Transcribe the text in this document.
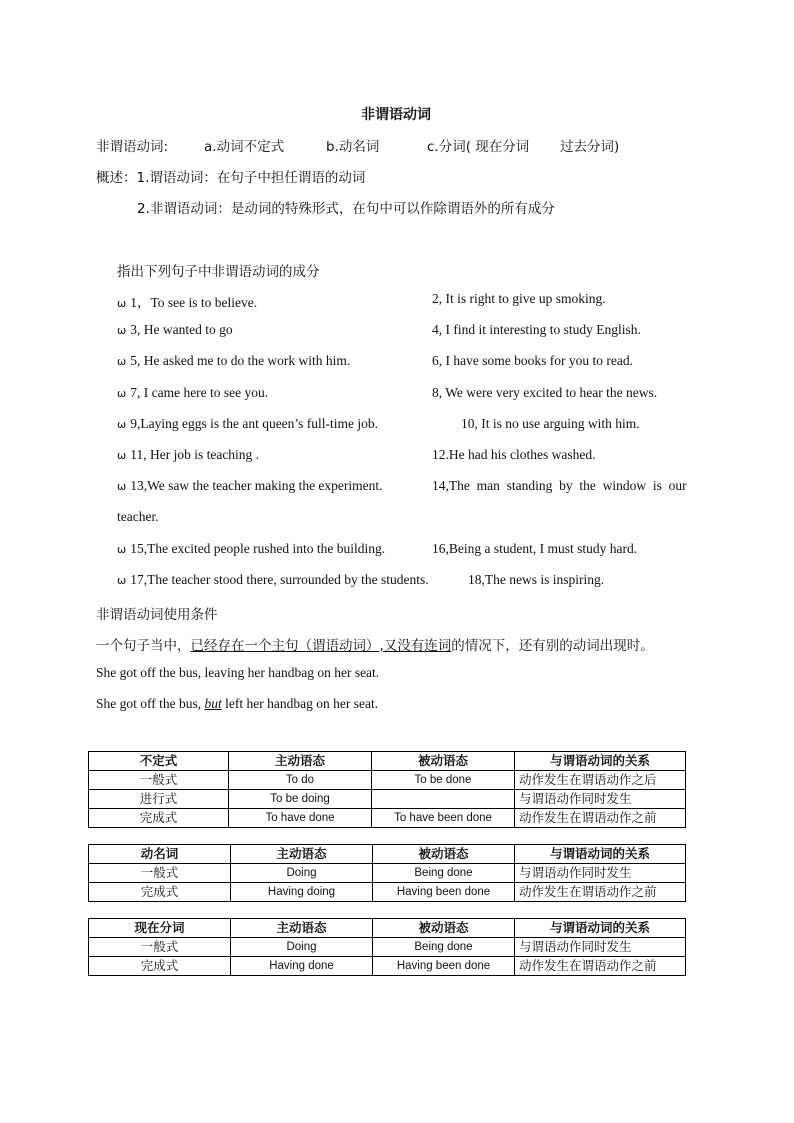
非谓语动词
非谓语动词:	a.动词不定式	b.动名词	c.分词( 现在分词 过去分词)
概述：1.谓语动词：在句子中担任谓语的动词
2.非谓语动词：是动词的特殊形式，在句中可以作除谓语外的所有成分
指出下列句子中非谓语动词的成分
ω 1，To see is to believe.	2, It is right to give up smoking.
ω 3, He wanted to go	4, I find it interesting to study English.
ω 5, He asked me to do the work with him.	6, I have some books for you to read.
ω 7, I came here to see you.	8, We were very excited to hear the news.
ω 9,Laying eggs is the ant queen’s full-time job.	10, It is no use arguing with him.
ω 11, Her job is teaching .	12.He had his clothes washed.
ω 13,We saw the teacher making the experiment.	14,The  man  standing  by  the  window  is  our
teacher.
ω 15,The excited people rushed into the building.	16,Being a student, I must study hard.
ω 17,The teacher stood there, surrounded by the students.	18,The news is inspiring.
非谓语动词使用条件
一个句子当中，已经存在一个主句（谓语动词）,又没有连词的情况下，还有别的动词出现时。
She got off the bus, leaving her handbag on her seat.
She got off the bus, but left her handbag on her seat.
不定式	主动语态	被动语态	与谓语动词的关系
一般式	To do	To be done	动作发生在谓语动作之后
进行式	To be doing		与谓语动作同时发生
完成式	To have done	To have been done	动作发生在谓语动作之前
动名词	主动语态	被动语态	与谓语动词的关系
一般式	Doing	Being done	与谓语动作同时发生
完成式	Having doing	Having been done	动作发生在谓语动作之前
现在分词	主动语态	被动语态	与谓语动词的关系
一般式	Doing	Being done	与谓语动作同时发生
完成式	Having done	Having been done	动作发生在谓语动作之前
